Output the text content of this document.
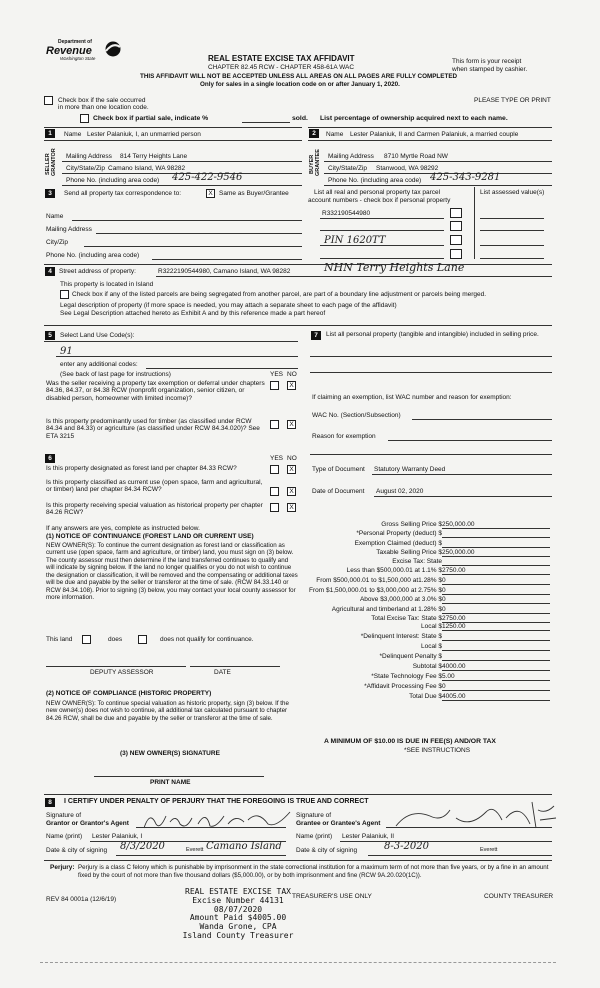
Department of
Revenue
Washington State	REAL ESTATE EXCISE TAX AFFIDAVIT
CHAPTER 82.45 RCW - CHAPTER 458-61A WAC
This form is your receipt
when stamped by cashier.
THIS AFFIDAVIT WILL NOT BE ACCEPTED UNLESS ALL AREAS ON ALL PAGES ARE FULLY COMPLETED
Only for sales in a single location code on or after January 1, 2020.
Check box if the sale occurred
in more than one location code.
PLEASE TYPE OR PRINT
Check box if partial sale, indicate %	sold. List percentage of ownership acquired next to each name.
1	Name Lester Palaniuk, I, an unmarried person
SELLER GRANTOR Mailing Address 814 Terry Heights Lane
City/State/Zip Camano Island, WA 98282
Phone No. (including area code) 425-422-9546
2	Name Lester Palaniuk, II and Carmen Palaniuk, a married couple
BUYER GRANTEE Mailing Address 8710 Myrtle Road NW
City/State/Zip Stanwood, WA 98292
Phone No. (including area code) 425-343-9281
3	Send all property tax correspondence to:	X Same as Buyer/Grantee
Name
Mailing Address
City/Zip
Phone No. (including area code)
List all real and personal property tax parcel
account numbers - check box if personal property
List assessed value(s)
R332190544980
PIN 1620TT
4	Street address of property:	R3222190544980, Camano Island, WA 98282	NHN Terry Heights Lane
This property is located in Island
Check box if any of the listed parcels are being segregated from another parcel, are part of a boundary line adjustment or parcels being merged.
Legal description of property (if more space is needed, you may attach a separate sheet to each page of the affidavit)
See Legal Description attached hereto as Exhibit A and by this reference made a part hereof
5	Select Land Use Code(s):
91
enter any additional codes:
(See back of last page for instructions)	YES NO
Was the seller receiving a property tax exemption or deferral under chapters 84.36, 84.37, or 84.38 RCW (nonprofit organization, senior citizen, or disabled person, homeowner with limited income)?
X
Is this property predominantly used for timber (as classified under RCW 84.34 and 84.33) or agriculture (as classified under RCW 84.34.020)? See ETA 3215
X
6	YES NO
Is this property designated as forest land per chapter 84.33 RCW?	X
Is this property classified as current use (open space, farm and agricultural, or timber) land per chapter 84.34 RCW?	X
Is this property receiving special valuation as historical property per chapter 84.26 RCW?
X
If any answers are yes, complete as instructed below.
(1) NOTICE OF CONTINUANCE (FOREST LAND OR CURRENT USE)
NEW OWNER(S): To continue the current designation as forest land or classification as current use (open space, farm and agriculture, or timber) land, you must sign on (3) below. The county assessor must then determine if the land transferred continues to qualify and will indicate by signing below. If the land no longer qualifies or you do not wish to continue the designation or classification, it will be removed and the compensating or additional taxes will be due and payable by the seller or transferor at the time of sale. (RCW 84.33.140 or RCW 84.34.108). Prior to signing (3) below, you may contact your local county assessor for more information.
This land	does	does not qualify for continuance.
DEPUTY ASSESSOR	DATE
(2) NOTICE OF COMPLIANCE (HISTORIC PROPERTY)
NEW OWNER(S): To continue special valuation as historic property, sign (3) below. If the new owner(s) does not wish to continue, all additional tax calculated pursuant to chapter 84.26 RCW, shall be due and payable by the seller or transferor at the time of sale.
(3) NEW OWNER(S) SIGNATURE
PRINT NAME
7	List all personal property (tangible and intangible) included in selling price.
If claiming an exemption, list WAC number and reason for exemption:
WAC No. (Section/Subsection)
Reason for exemption
Type of Document Statutory Warranty Deed
Date of Document August 02, 2020
Gross Selling Price $ 250,000.00
*Personal Property (deduct) $
Exemption Claimed (deduct) $
Taxable Selling Price $ 250,000.00
Excise Tax: State
Less than $500,000.01 at 1.1% $ 2750.00
From $500,000.01 to $1,500,000 at1.28% $ 0
From $1,500,000.01 to $3,000,000 at 2.75% $ 0
Above $3,000,000 at 3.0% $ 0
Agricultural and timberland at 1.28% $ 0
Total Excise Tax: State $ 2750.00
Local $ 1250.00
*Delinquent Interest: State $
Local $
*Delinquent Penalty $
Subtotal $ 4000.00
*State Technology Fee $ 5.00
*Affidavit Processing Fee $ 0
Total Due $ 4005.00
A MINIMUM OF $10.00 IS DUE IN FEE(S) AND/OR TAX
*SEE INSTRUCTIONS
8	I CERTIFY UNDER PENALTY OF PERJURY THAT THE FOREGOING IS TRUE AND CORRECT
Signature of
Grantor or Grantor's Agent
Signature of
Grantee or Grantee's Agent
Name (print) Lester Palaniuk, I	Name (print) Lester Palaniuk, II
Date & city of signing 8/3/2020	Everett Camano Island Date & city of signing	8-3-2020	Everett
Perjury: Perjury is a class C felony which is punishable by imprisonment in the state correctional institution for a maximum term of not more than five years, or by a fine in an amount fixed by the court of not more than five thousand dollars ($5,000.00), or by both imprisonment and fine (RCW 9A.20.020(1C)).
REV 84 0001a (12/6/19)	TREASURER'S USE ONLY	COUNTY TREASURER
REAL ESTATE EXCISE TAX
Excise Number 44131
08/07/2020
Amount Paid $4005.00
Wanda Grone, CPA
Island County Treasurer
